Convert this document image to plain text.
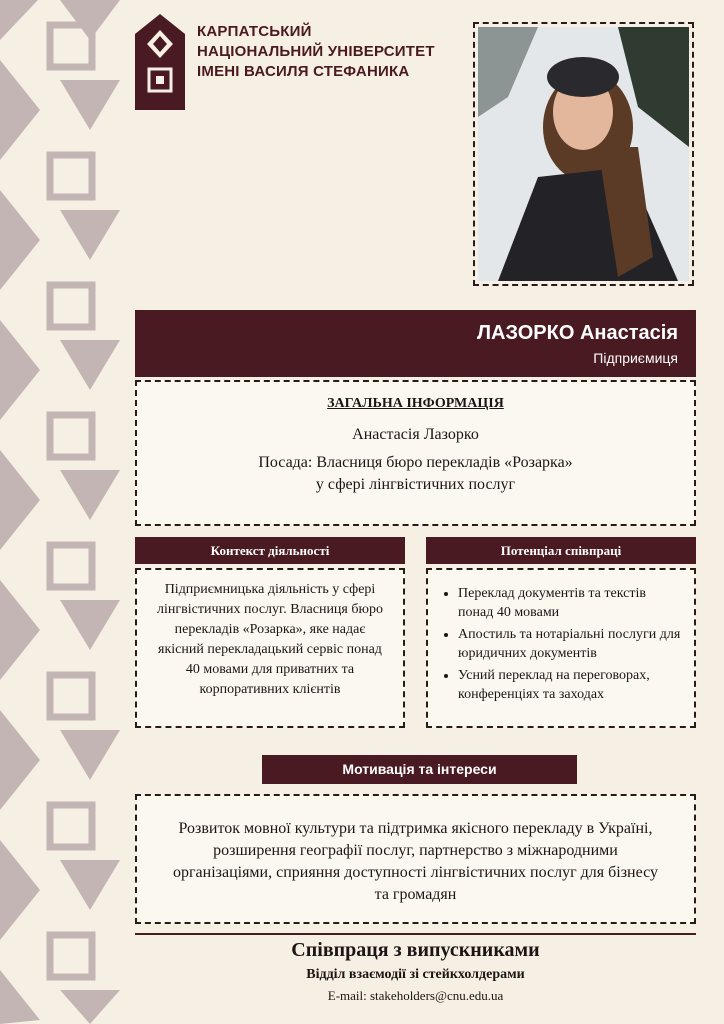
КАРПАТСЬКИЙ
НАЦІОНАЛЬНИЙ УНІВЕРСИТЕТ
ІМЕНІ ВАСИЛЯ СТЕФАНИКА
ЛАЗОРКО Анастасія
Підприємиця
ЗАГАЛЬНА ІНФОРМАЦІЯ
Анастасія Лазорко
Посада: Власниця бюро перекладів «Розарка»
у сфері лінгвістичних послуг
Контекст діяльності	Потенціал співпраці
Підприємницька діяльність у сфері лінгвістичних послуг. Власниця бюро перекладів «Розарка», яке надає якісний перекладацький сервіс понад 40 мовами для приватних та корпоративних клієнтів
• Переклад документів та текстів понад 40 мовами
• Апостиль та нотаріальні послуги для юридичних документів
• Усний переклад на переговорах, конференціях та заходах
Мотивація та інтереси
Розвиток мовної культури та підтримка якісного перекладу в Україні, розширення географії послуг, партнерство з міжнародними організаціями, сприяння доступності лінгвістичних послуг для бізнесу та громадян
Співпраця з випускниками
Відділ взаємодії зі стейкхолдерами
E-mail: stakeholders@cnu.edu.ua
